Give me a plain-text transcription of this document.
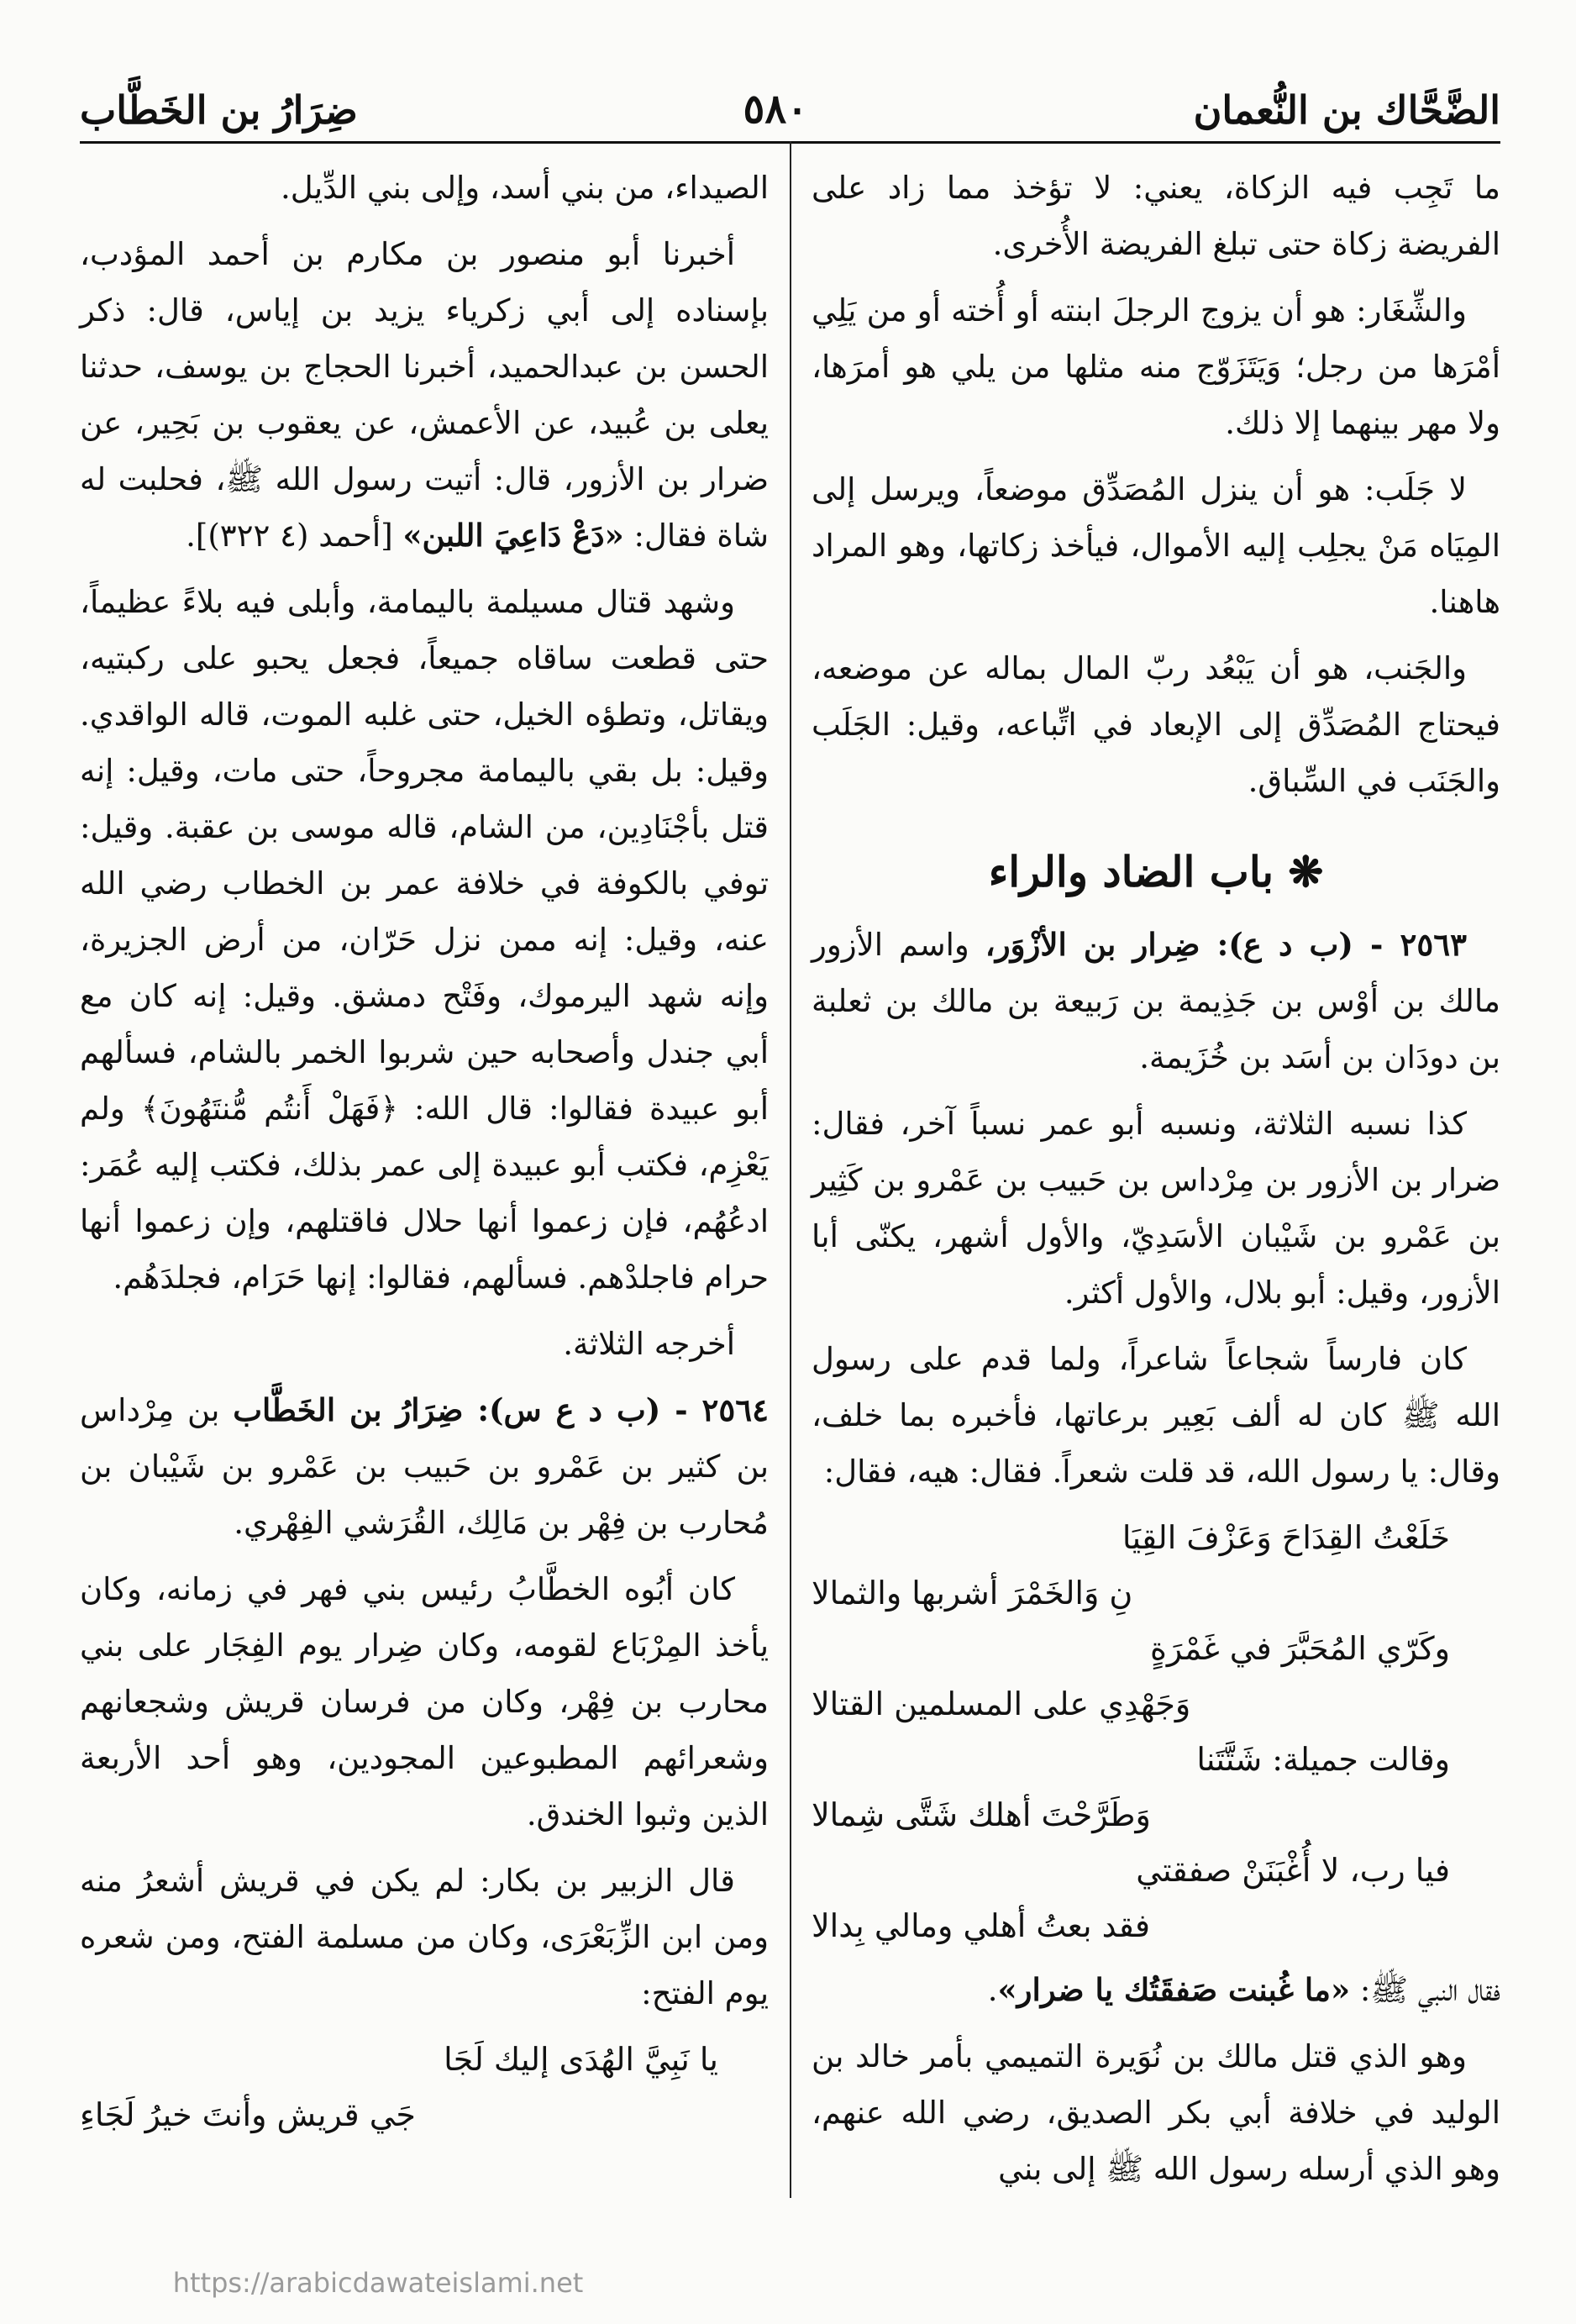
الضَّحَّاك بن النُّعمان
٥٨٠
ضِرَارُ بن الخَطَّاب

ما تَجِب فيه الزكاة، يعني: لا تؤخذ مما زاد على الفريضة زكاة حتى تبلغ الفريضة الأُخرى.

والشِّغَار: هو أن يزوج الرجلَ ابنته أو أُخته أو من يَلِي أمْرَها من رجل؛ وَيَتَزَوّج منه مثلها من يلي هو أمرَها، ولا مهر بينهما إلا ذلك.

لا جَلَب: هو أن ينزل المُصَدِّق موضعاً، ويرسل إلى المِيَاه مَنْ يجلِب إليه الأموال، فيأخذ زكاتها، وهو المراد هاهنا.

والجَنب، هو أن يَبْعُد ربّ المال بماله عن موضعه، فيحتاج المُصَدِّق إلى الإبعاد في اتِّباعه، وقيل: الجَلَب والجَنَب في السِّباق.

❋ باب الضاد والراء

٢٥٦٣ - (ب د ع): ضِرار بن الأزْوَر، واسم الأزور مالك بن أوْس بن جَذِيمة بن رَبيعة بن مالك بن ثعلبة بن دودَان بن أسَد بن خُزَيمة.

كذا نسبه الثلاثة، ونسبه أبو عمر نسباً آخر، فقال: ضرار بن الأزور بن مِرْداس بن حَبيب بن عَمْرو بن كَثِير بن عَمْرو بن شَيْبان الأسَدِيّ، والأول أشهر، يكنّى أبا الأزور، وقيل: أبو بلال، والأول أكثر.

كان فارساً شجاعاً شاعراً، ولما قدم على رسول الله ﷺ كان له ألف بَعِير برعاتها، فأخبره بما خلف، وقال: يا رسول الله، قد قلت شعراً. فقال: هيه، فقال:

خَلَعْتُ القِدَاحَ وَعَزْفَ القِيَا
نِ وَالخَمْرَ أشربها والثمالا
وكَرّي المُحَبَّرَ في غَمْرَةٍ
وَجَهْدِي على المسلمين القتالا
وقالت جميلة: شَتَّتَنا
وَطَرَّحْتَ أهلك شَتَّى شِمالا
فيا رب، لا أُغْبَنَنْ صفقتي
فقد بعتُ أهلي ومالي بِدالا

فقال النبي ﷺ: «ما غُبنت صَفقَتُك يا ضرار».

وهو الذي قتل مالك بن نُوَيرة التميمي بأمر خالد بن الوليد في خلافة أبي بكر الصديق، رضي الله عنهم، وهو الذي أرسله رسول الله ﷺ إلى بني

الصيداء، من بني أسد، وإلى بني الدِّيل.

أخبرنا أبو منصور بن مكارم بن أحمد المؤدب، بإسناده إلى أبي زكرياء يزيد بن إياس، قال: ذكر الحسن بن عبدالحميد، أخبرنا الحجاج بن يوسف، حدثنا يعلى بن عُبيد، عن الأعمش، عن يعقوب بن بَحِير، عن ضرار بن الأزور، قال: أتيت رسول الله ﷺ، فحلبت له شاة فقال: «دَعْ دَاعِيَ اللبن» [أحمد (٤ ٣٢٢)].

وشهد قتال مسيلمة باليمامة، وأبلى فيه بلاءً عظيماً، حتى قطعت ساقاه جميعاً، فجعل يحبو على ركبتيه، ويقاتل، وتطؤه الخيل، حتى غلبه الموت، قاله الواقدي. وقيل: بل بقي باليمامة مجروحاً، حتى مات، وقيل: إنه قتل بأجْنَادِين، من الشام، قاله موسى بن عقبة. وقيل: توفي بالكوفة في خلافة عمر بن الخطاب رضي الله عنه، وقيل: إنه ممن نزل حَرّان، من أرض الجزيرة، وإنه شهد اليرموك، وفَتْح دمشق. وقيل: إنه كان مع أبي جندل وأصحابه حين شربوا الخمر بالشام، فسألهم أبو عبيدة فقالوا: قال الله: ﴿فَهَلْ أَنتُم مُّنتَهُونَ﴾ ولم يَعْزِم، فكتب أبو عبيدة إلى عمر بذلك، فكتب إليه عُمَر: ادعُهُم، فإن زعموا أنها حلال فاقتلهم، وإن زعموا أنها حرام فاجلدْهم. فسألهم، فقالوا: إنها حَرَام، فجلدَهُم.

أخرجه الثلاثة.

٢٥٦٤ - (ب د ع س): ضِرَارُ بن الخَطَّاب بن مِرْداس بن كثير بن عَمْرو بن حَبيب بن عَمْرو بن شَيْبان بن مُحارب بن فِهْر بن مَالِك، القُرَشي الفِهْري.

كان أبُوه الخطَّابُ رئيس بني فهر في زمانه، وكان يأخذ المِرْبَاع لقومه، وكان ضِرار يوم الفِجَار على بني محارب بن فِهْر، وكان من فرسان قريش وشجعانهم وشعرائهم المطبوعين المجودين، وهو أحد الأربعة الذين وثبوا الخندق.

قال الزبير بن بكار: لم يكن في قريش أشعرُ منه ومن ابن الزِّبَعْرَى، وكان من مسلمة الفتح، ومن شعره يوم الفتح:

يا نَبِيَّ الهُدَى إليك لَجَا
جَي قريش وأنتَ خيرُ لَجَاءِ
https://arabicdawateislami.net
